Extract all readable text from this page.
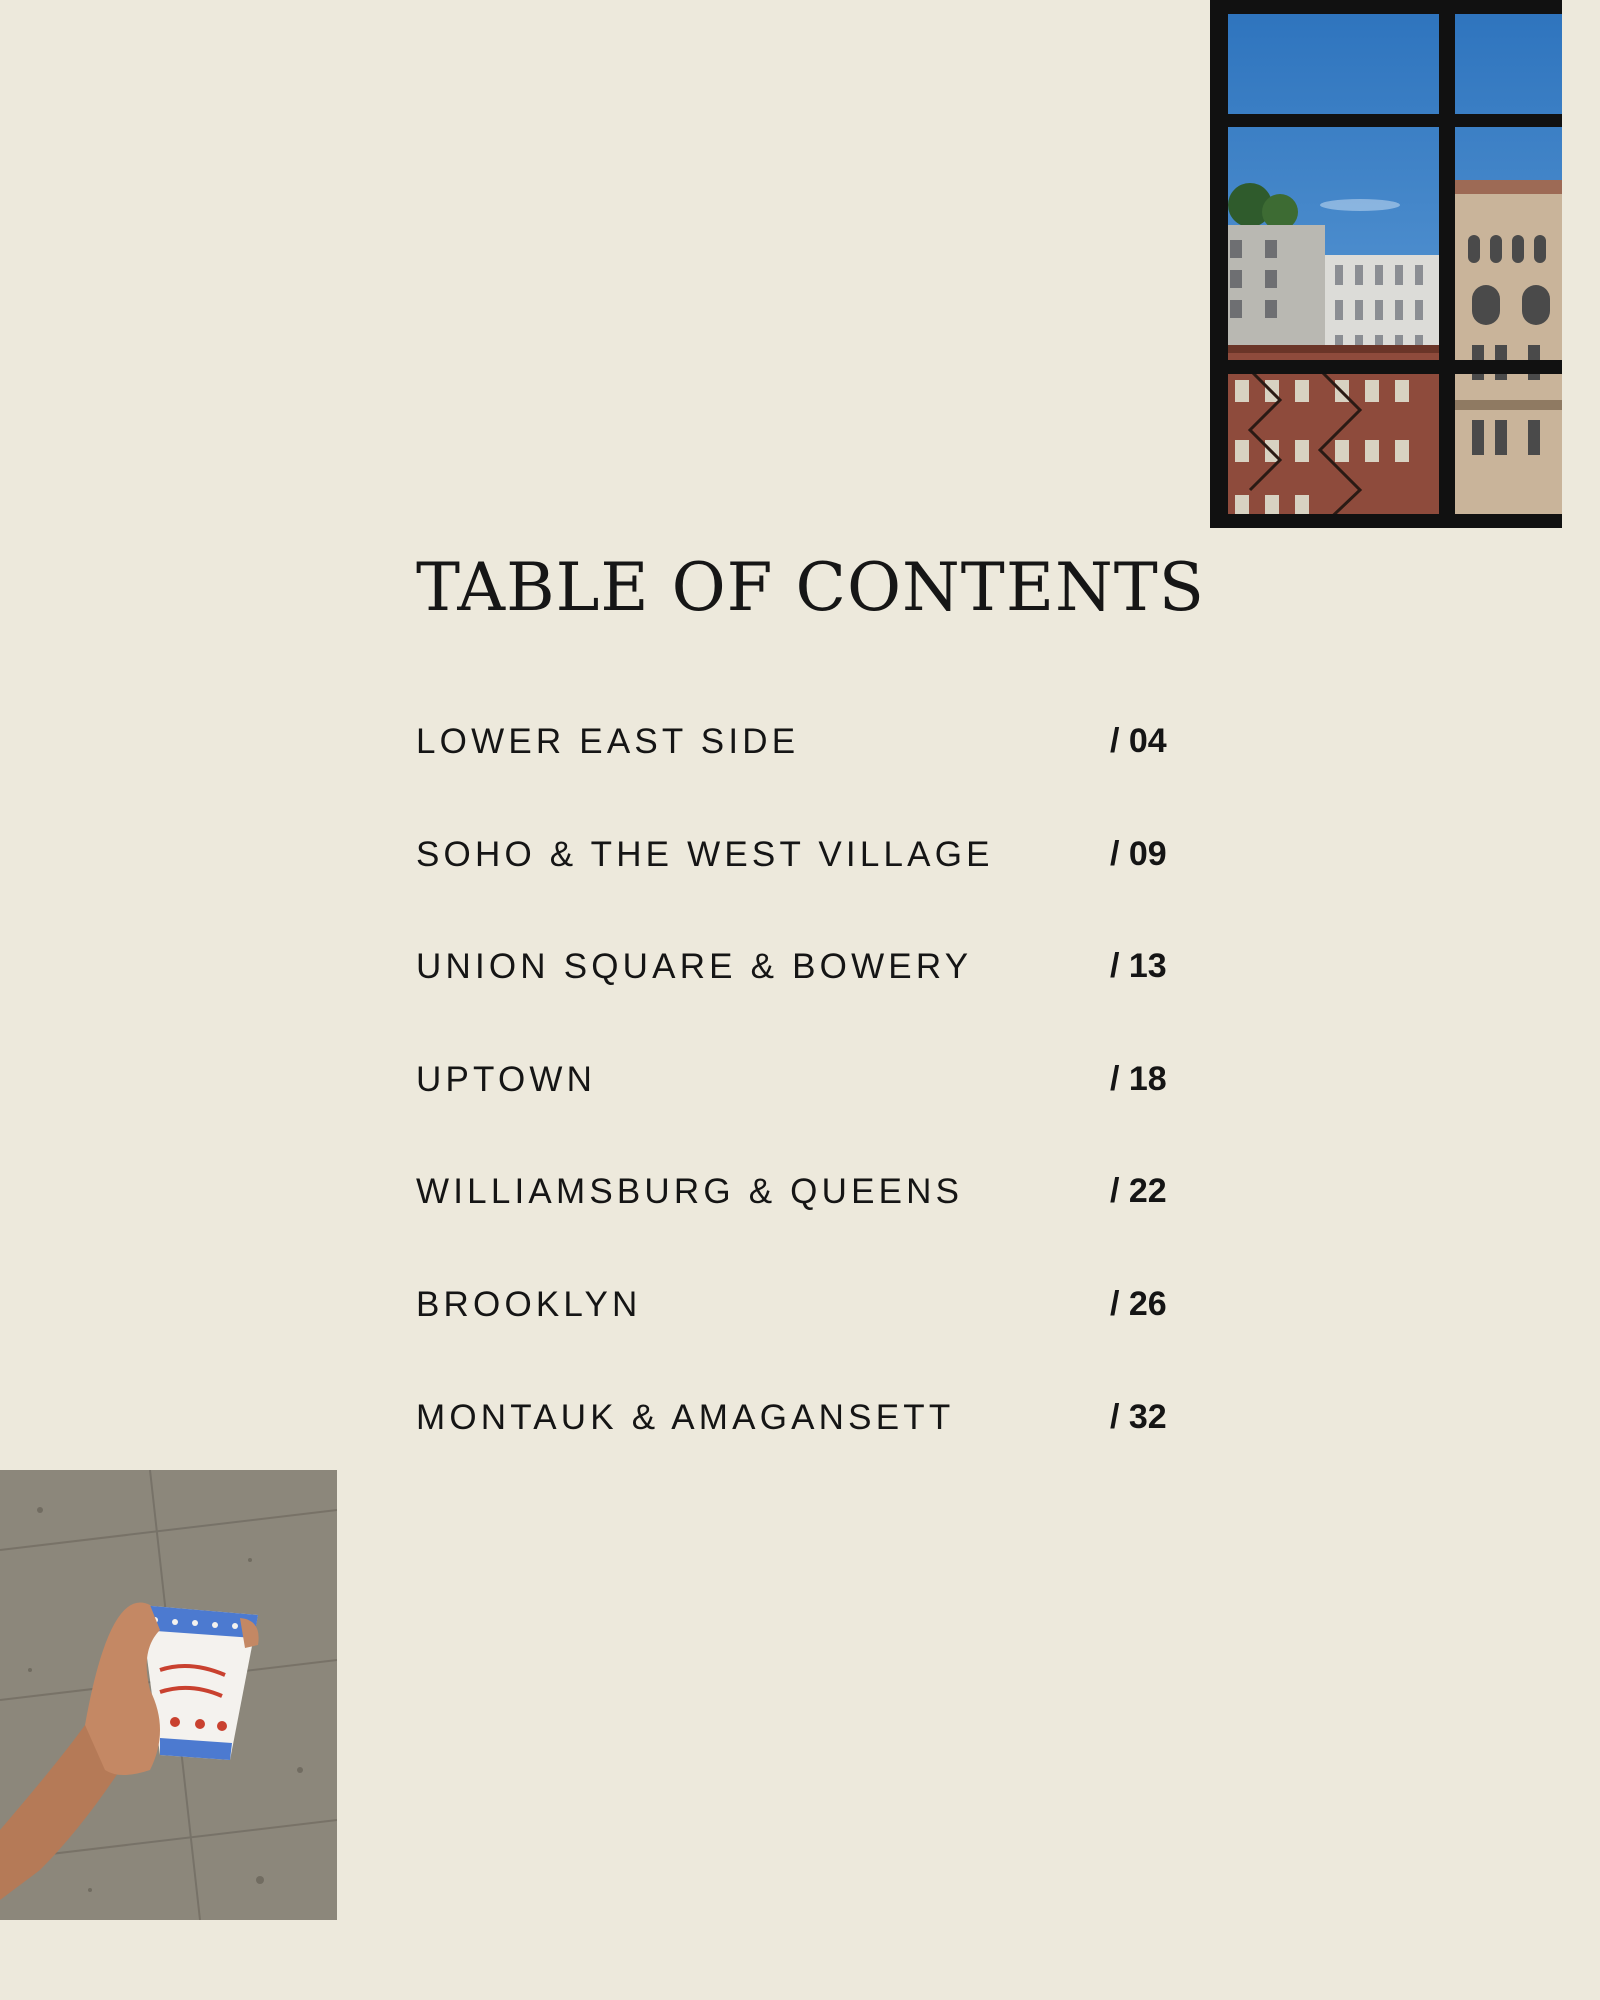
TABLE OF CONTENTS
LOWER EAST SIDE	/ 04
SOHO & THE WEST VILLAGE	/ 09
UNION SQUARE & BOWERY	/ 13
UPTOWN	/ 18
WILLIAMSBURG & QUEENS	/ 22
BROOKLYN	/ 26
MONTAUK & AMAGANSETT	/ 32
